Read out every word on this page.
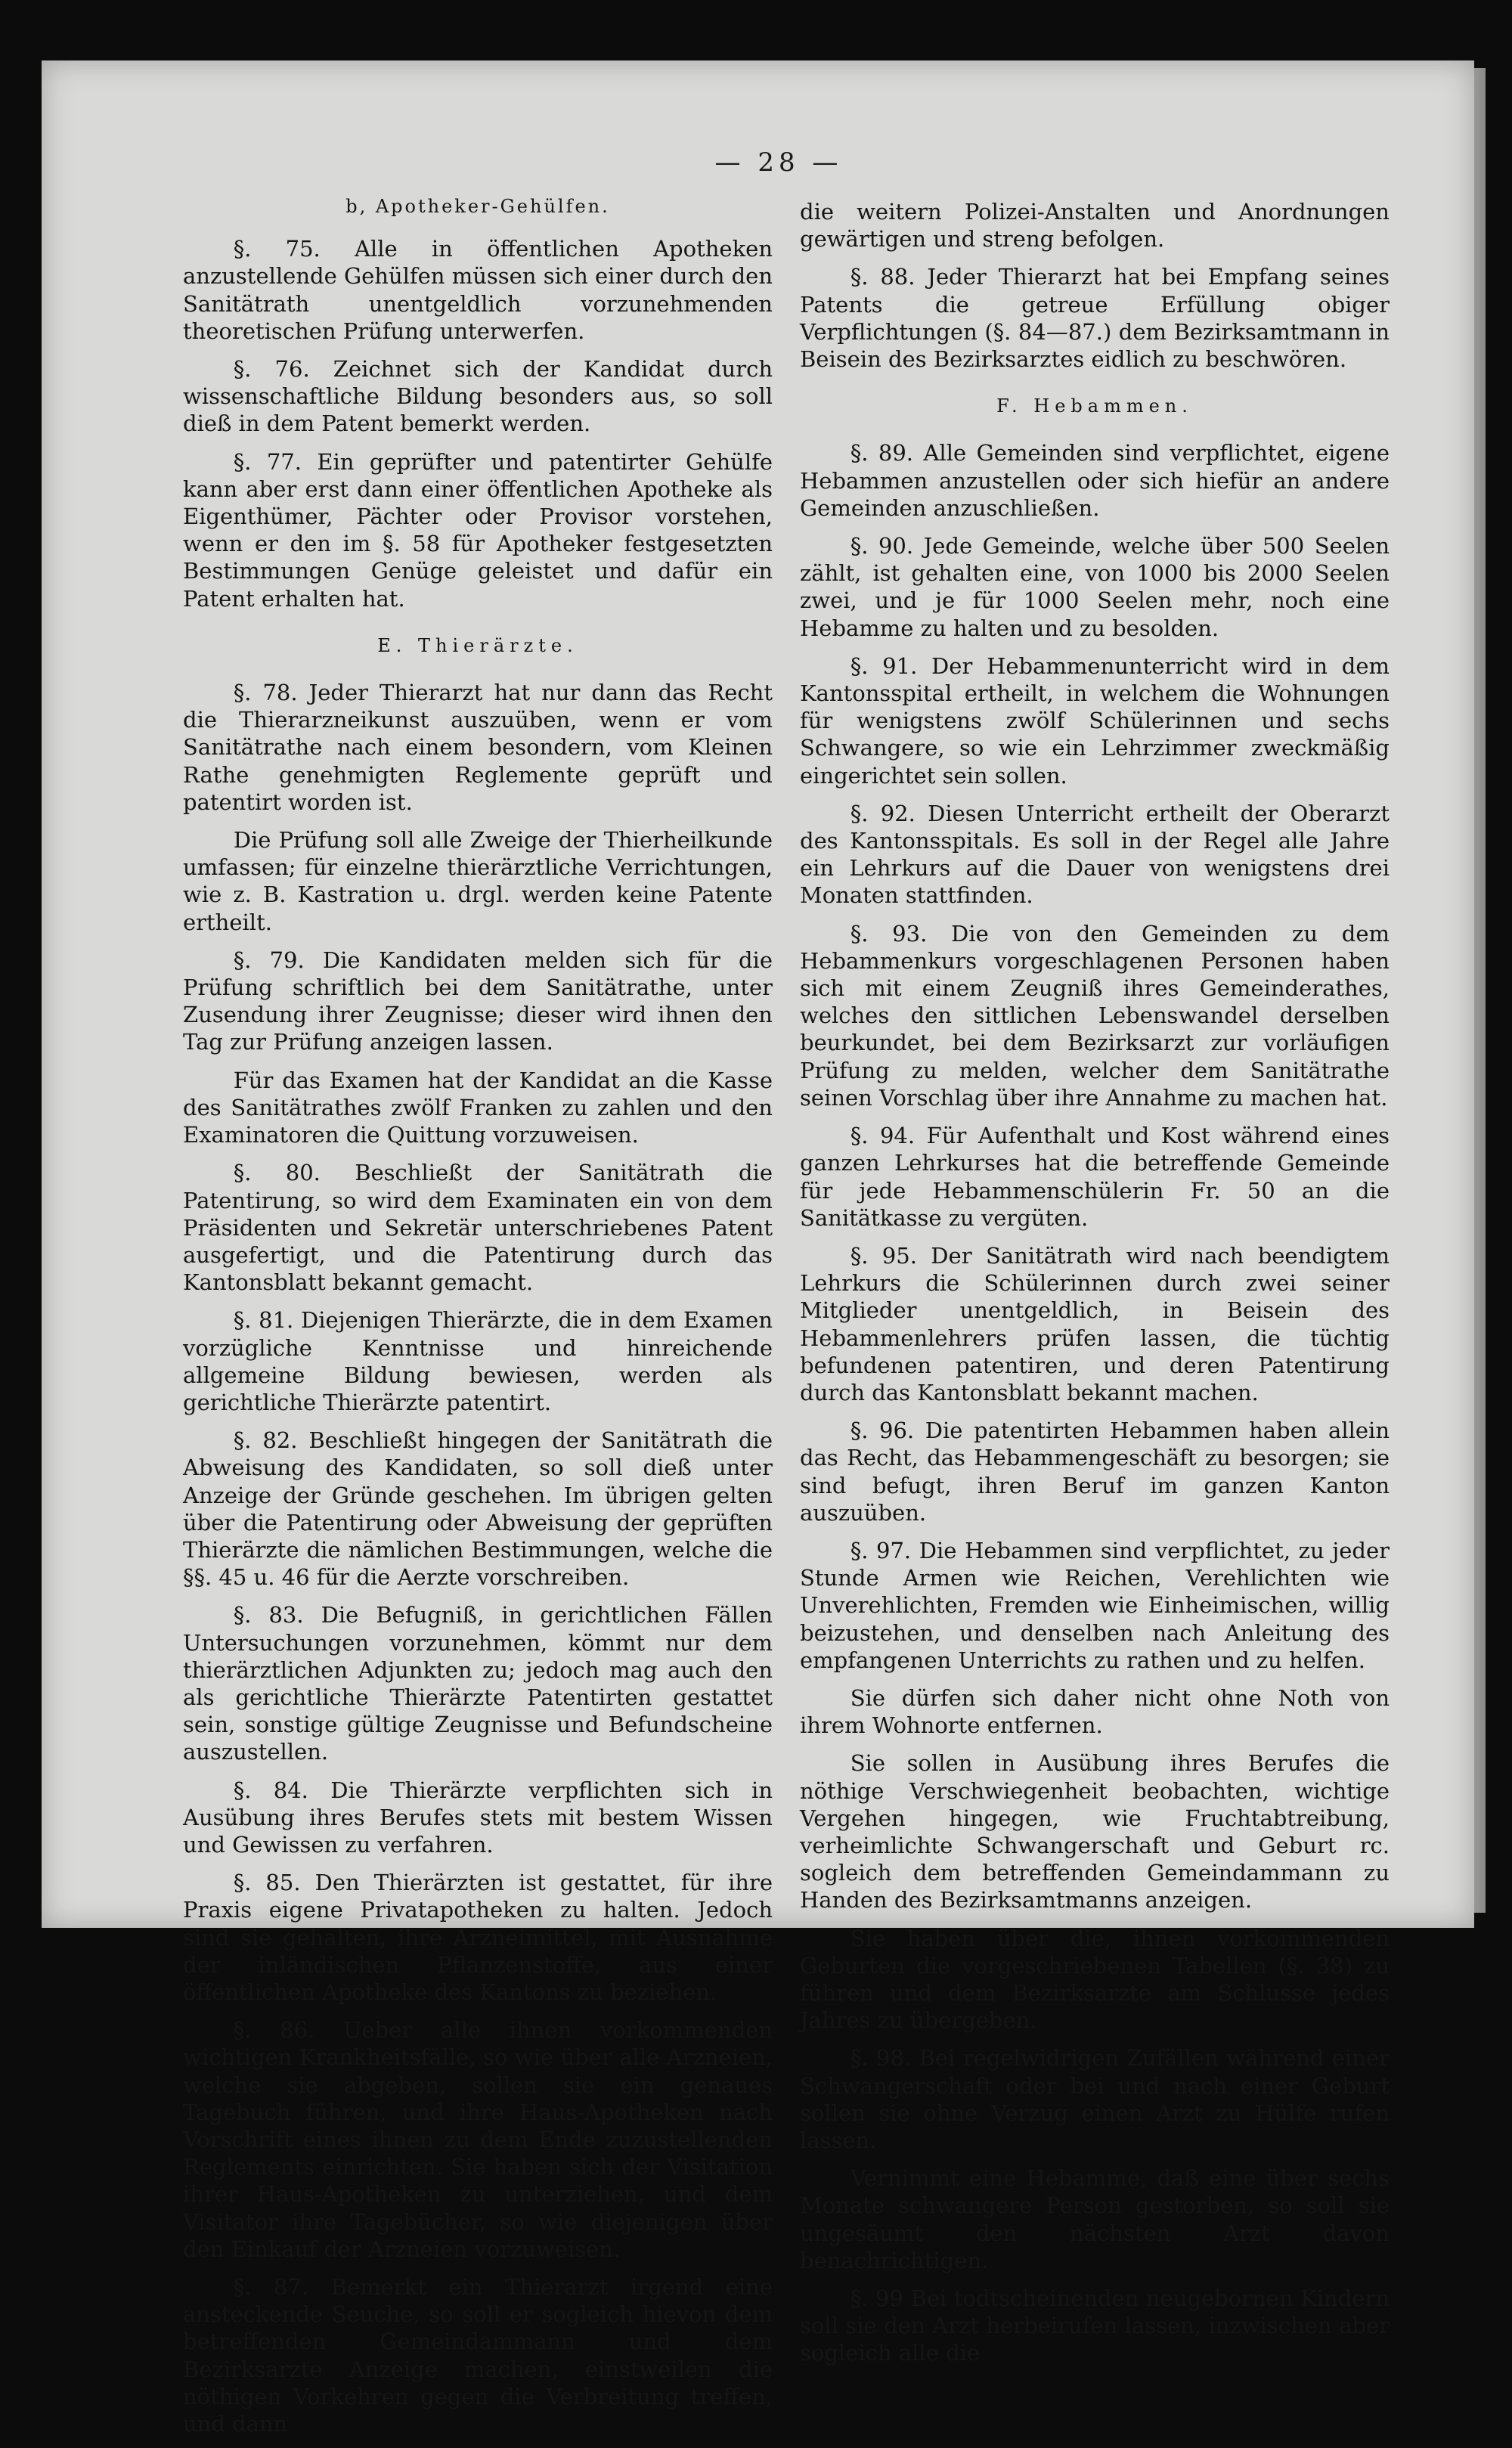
— 28 —
b, Apotheker-Gehülfen.

§. 75. Alle in öffentlichen Apotheken anzustellende Gehülfen müssen sich einer durch den Sanitätrath unentgeldlich vorzunehmenden theoretischen Prüfung unterwerfen.

§. 76. Zeichnet sich der Kandidat durch wissenschaftliche Bildung besonders aus, so soll dieß in dem Patent bemerkt werden.

§. 77. Ein geprüfter und patentirter Gehülfe kann aber erst dann einer öffentlichen Apotheke als Eigenthümer, Pächter oder Provisor vorstehen, wenn er den im §. 58 für Apotheker festgesetzten Bestimmungen Genüge geleistet und dafür ein Patent erhalten hat.

E. Thierärzte.

§. 78. Jeder Thierarzt hat nur dann das Recht die Thierarzneikunst auszuüben, wenn er vom Sanitätrathe nach einem besondern, vom Kleinen Rathe genehmigten Reglemente geprüft und patentirt worden ist.

Die Prüfung soll alle Zweige der Thierheilkunde umfassen; für einzelne thierärztliche Verrichtungen, wie z. B. Kastration u. drgl. werden keine Patente ertheilt.

§. 79. Die Kandidaten melden sich für die Prüfung schriftlich bei dem Sanitätrathe, unter Zusendung ihrer Zeugnisse; dieser wird ihnen den Tag zur Prüfung anzeigen lassen.

Für das Examen hat der Kandidat an die Kasse des Sanitätrathes zwölf Franken zu zahlen und den Examinatoren die Quittung vorzuweisen.

§. 80. Beschließt der Sanitätrath die Patentirung, so wird dem Examinaten ein von dem Präsidenten und Sekretär unterschriebenes Patent ausgefertigt, und die Patentirung durch das Kantonsblatt bekannt gemacht.

§. 81. Diejenigen Thierärzte, die in dem Examen vorzügliche Kenntnisse und hinreichende allgemeine Bildung bewiesen, werden als gerichtliche Thierärzte patentirt.

§. 82. Beschließt hingegen der Sanitätrath die Abweisung des Kandidaten, so soll dieß unter Anzeige der Gründe geschehen. Im übrigen gelten über die Patentirung oder Abweisung der geprüften Thierärzte die nämlichen Bestimmungen, welche die §§. 45 u. 46 für die Aerzte vorschreiben.

§. 83. Die Befugniß, in gerichtlichen Fällen Untersuchungen vorzunehmen, kömmt nur dem thierärztlichen Adjunkten zu; jedoch mag auch den als gerichtliche Thierärzte Patentirten gestattet sein, sonstige gültige Zeugnisse und Befundscheine auszustellen.

§. 84. Die Thierärzte verpflichten sich in Ausübung ihres Berufes stets mit bestem Wissen und Gewissen zu verfahren.

§. 85. Den Thierärzten ist gestattet, für ihre Praxis eigene Privatapotheken zu halten. Jedoch sind sie gehalten, ihre Arzneimittel, mit Ausnahme der inländischen Pflanzenstoffe, aus einer öffentlichen Apotheke des Kantons zu beziehen.

§. 86. Ueber alle ihnen vorkommenden wichtigen Krankheitsfälle, so wie über alle Arzneien, welche sie abgeben, sollen sie ein genaues Tagebuch führen, und ihre Haus-Apotheken nach Vorschrift eines ihnen zu dem Ende zuzustellenden Reglements einrichten. Sie haben sich der Visitation ihrer Haus-Apotheken zu unterziehen, und dem Visitator ihre Tagebücher, so wie diejenigen über den Einkauf der Arzneien vorzuweisen.

§. 87. Bemerkt ein Thierarzt irgend eine ansteckende Seuche, so soll er sogleich hievon dem betreffenden Gemeindammann und dem Bezirksarzte Anzeige machen, einstweilen die nöthigen Vorkehren gegen die Verbreitung treffen, und dann

die weitern Polizei-Anstalten und Anordnungen gewärtigen und streng befolgen.

§. 88. Jeder Thierarzt hat bei Empfang seines Patents die getreue Erfüllung obiger Verpflichtungen (§. 84—87.) dem Bezirksamtmann in Beisein des Bezirksarztes eidlich zu beschwören.

F. Hebammen.

§. 89. Alle Gemeinden sind verpflichtet, eigene Hebammen anzustellen oder sich hiefür an andere Gemeinden anzuschließen.

§. 90. Jede Gemeinde, welche über 500 Seelen zählt, ist gehalten eine, von 1000 bis 2000 Seelen zwei, und je für 1000 Seelen mehr, noch eine Hebamme zu halten und zu besolden.

§. 91. Der Hebammenunterricht wird in dem Kantonsspital ertheilt, in welchem die Wohnungen für wenigstens zwölf Schülerinnen und sechs Schwangere, so wie ein Lehrzimmer zweckmäßig eingerichtet sein sollen.

§. 92. Diesen Unterricht ertheilt der Oberarzt des Kantonsspitals. Es soll in der Regel alle Jahre ein Lehrkurs auf die Dauer von wenigstens drei Monaten stattfinden.

§. 93. Die von den Gemeinden zu dem Hebammenkurs vorgeschlagenen Personen haben sich mit einem Zeugniß ihres Gemeinderathes, welches den sittlichen Lebenswandel derselben beurkundet, bei dem Bezirksarzt zur vorläufigen Prüfung zu melden, welcher dem Sanitätrathe seinen Vorschlag über ihre Annahme zu machen hat.

§. 94. Für Aufenthalt und Kost während eines ganzen Lehrkurses hat die betreffende Gemeinde für jede Hebammenschülerin Fr. 50 an die Sanitätkasse zu vergüten.

§. 95. Der Sanitätrath wird nach beendigtem Lehrkurs die Schülerinnen durch zwei seiner Mitglieder unentgeldlich, in Beisein des Hebammenlehrers prüfen lassen, die tüchtig befundenen patentiren, und deren Patentirung durch das Kantonsblatt bekannt machen.

§. 96. Die patentirten Hebammen haben allein das Recht, das Hebammengeschäft zu besorgen; sie sind befugt, ihren Beruf im ganzen Kanton auszuüben.

§. 97. Die Hebammen sind verpflichtet, zu jeder Stunde Armen wie Reichen, Verehlichten wie Unverehlichten, Fremden wie Einheimischen, willig beizustehen, und denselben nach Anleitung des empfangenen Unterrichts zu rathen und zu helfen.

Sie dürfen sich daher nicht ohne Noth von ihrem Wohnorte entfernen.

Sie sollen in Ausübung ihres Berufes die nöthige Verschwiegenheit beobachten, wichtige Vergehen hingegen, wie Fruchtabtreibung, verheimlichte Schwangerschaft und Geburt rc. sogleich dem betreffenden Gemeindammann zu Handen des Bezirksamtmanns anzeigen.

Sie haben über die, ihnen vorkommenden Geburten die vorgeschriebenen Tabellen (§. 38) zu führen und dem Bezirksarzte am Schlusse jedes Jahres zu übergeben.

§. 98. Bei regelwidrigen Zufällen während einer Schwangerschaft oder bei und nach einer Geburt sollen sie ohne Verzug einen Arzt zu Hülfe rufen lassen.

Vernimmt eine Hebamme, daß eine über sechs Monate schwangere Person gestorben, so soll sie ungesäumt den nächsten Arzt davon benachrichtigen.

§. 99 Bei todtscheinenden neugebornen Kindern soll sie den Arzt herbeirufen lassen, inzwischen aber sogleich alle die
